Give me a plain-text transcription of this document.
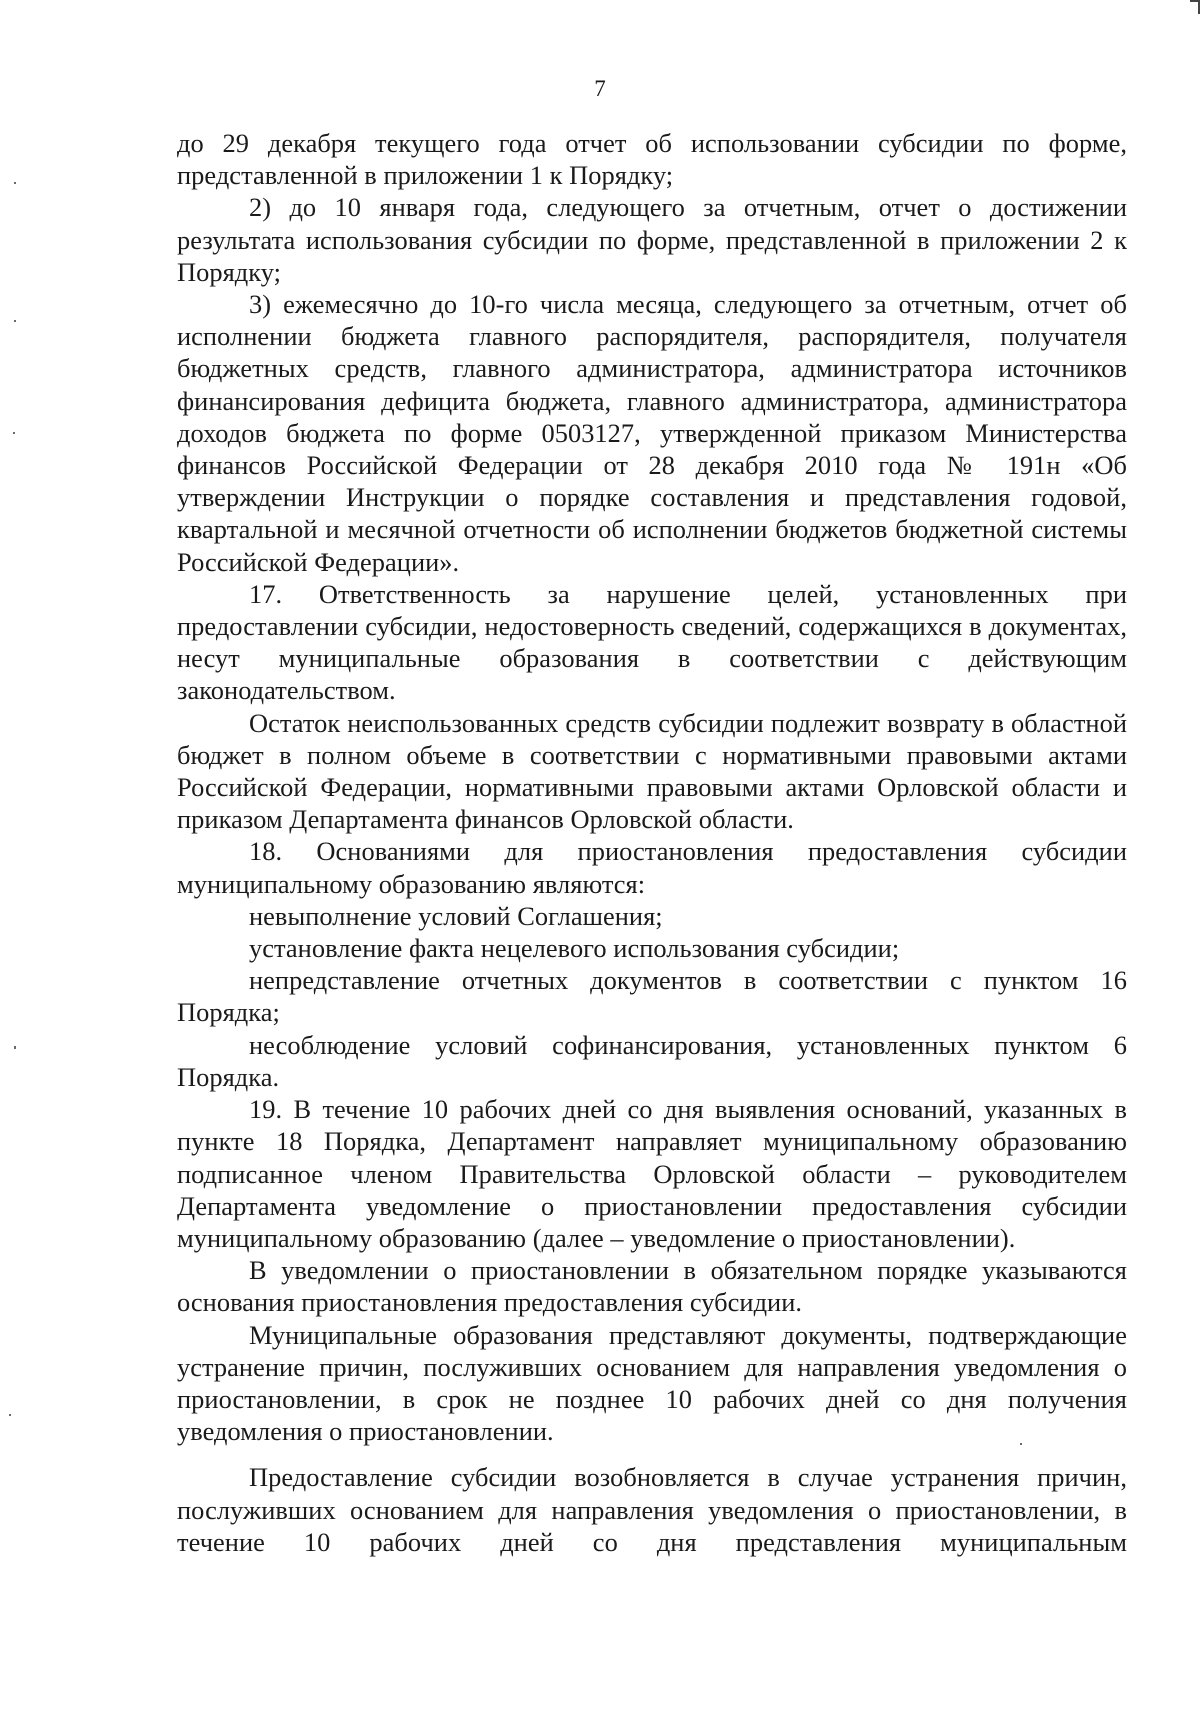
7

до 29 декабря текущего года отчет об использовании субсидии по форме, представленной в приложении 1 к Порядку;

2) до 10 января года, следующего за отчетным, отчет о достижении результата использования субсидии по форме, представленной в приложении 2 к Порядку;

3) ежемесячно до 10-го числа месяца, следующего за отчетным, отчет об исполнении бюджета главного распорядителя, распорядителя, получателя бюджетных средств, главного администратора, администратора источников финансирования дефицита бюджета, главного администратора, администратора доходов бюджета по форме 0503127, утвержденной приказом Министерства финансов Российской Федерации от 28 декабря 2010 года № 191н «Об утверждении Инструкции о порядке составления и представления годовой, квартальной и месячной отчетности об исполнении бюджетов бюджетной системы Российской Федерации».

17. Ответственность за нарушение целей, установленных при предоставлении субсидии, недостоверность сведений, содержащихся в документах, несут муниципальные образования в соответствии с действующим законодательством.

Остаток неиспользованных средств субсидии подлежит возврату в областной бюджет в полном объеме в соответствии с нормативными правовыми актами Российской Федерации, нормативными правовыми актами Орловской области и приказом Департамента финансов Орловской области.

18. Основаниями для приостановления предоставления субсидии муниципальному образованию являются:

невыполнение условий Соглашения;

установление факта нецелевого использования субсидии;

непредставление отчетных документов в соответствии с пунктом 16 Порядка;

несоблюдение условий софинансирования, установленных пунктом 6 Порядка.

19. В течение 10 рабочих дней со дня выявления оснований, указанных в пункте 18 Порядка, Департамент направляет муниципальному образованию подписанное членом Правительства Орловской области – руководителем Департамента уведомление о приостановлении предоставления субсидии муниципальному образованию (далее – уведомление о приостановлении).

В уведомлении о приостановлении в обязательном порядке указываются основания приостановления предоставления субсидии.

Муниципальные образования представляют документы, подтверждающие устранение причин, послуживших основанием для направления уведомления о приостановлении, в срок не позднее 10 рабочих дней со дня получения уведомления о приостановлении.

Предоставление субсидии возобновляется в случае устранения причин, послуживших основанием для направления уведомления о приостановлении, в течение 10 рабочих дней со дня представления муниципальным
